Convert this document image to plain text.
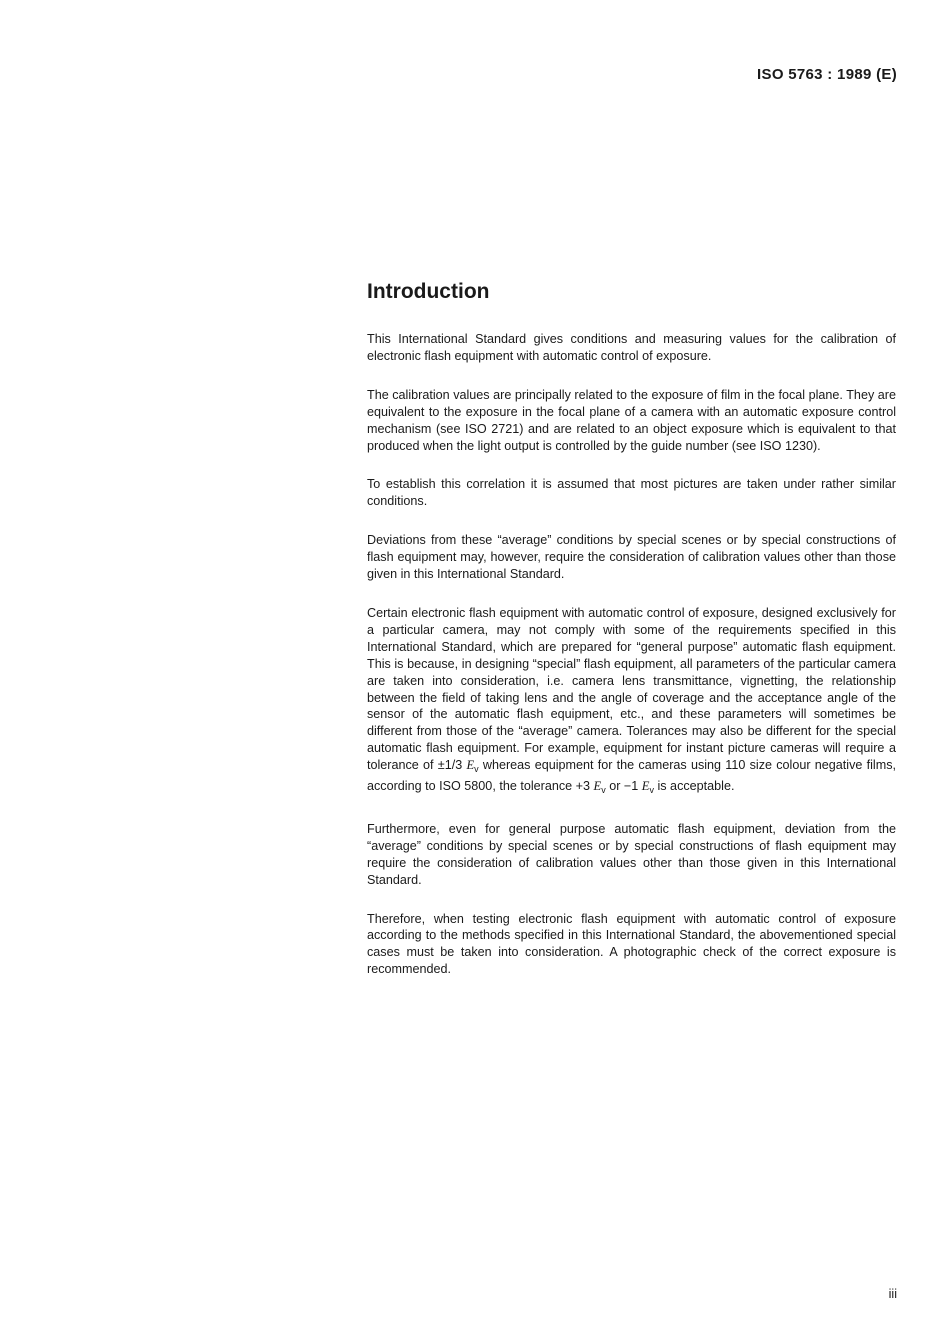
ISO 5763 : 1989 (E)

Introduction

This International Standard gives conditions and measuring values for the calibration of electronic flash equipment with automatic control of exposure.

The calibration values are principally related to the exposure of film in the focal plane. They are equivalent to the exposure in the focal plane of a camera with an automatic exposure control mechanism (see ISO 2721) and are related to an object exposure which is equivalent to that produced when the light output is controlled by the guide number (see ISO 1230).

To establish this correlation it is assumed that most pictures are taken under rather similar conditions.

Deviations from these “average” conditions by special scenes or by special constructions of flash equipment may, however, require the consideration of calibration values other than those given in this International Standard.

Certain electronic flash equipment with automatic control of exposure, designed exclusively for a particular camera, may not comply with some of the requirements specified in this International Standard, which are prepared for “general purpose” automatic flash equipment. This is because, in designing “special” flash equipment, all parameters of the particular camera are taken into consideration, i.e. camera lens transmittance, vignetting, the relationship between the field of taking lens and the angle of coverage and the acceptance angle of the sensor of the automatic flash equipment, etc., and these parameters will sometimes be different from those of the “average” camera. Tolerances may also be different for the special automatic flash equipment. For example, equipment for instant picture cameras will require a tolerance of ±1/3 $E_v$ whereas equipment for the cameras using 110 size colour negative films, according to ISO 5800, the tolerance +3 $E_v$ or −1 $E_v$ is acceptable.

Furthermore, even for general purpose automatic flash equipment, deviation from the “average” conditions by special scenes or by special constructions of flash equipment may require the consideration of calibration values other than those given in this International Standard.

Therefore, when testing electronic flash equipment with automatic control of exposure according to the methods specified in this International Standard, the abovementioned special cases must be taken into consideration. A photographic check of the correct exposure is recommended.

iii
